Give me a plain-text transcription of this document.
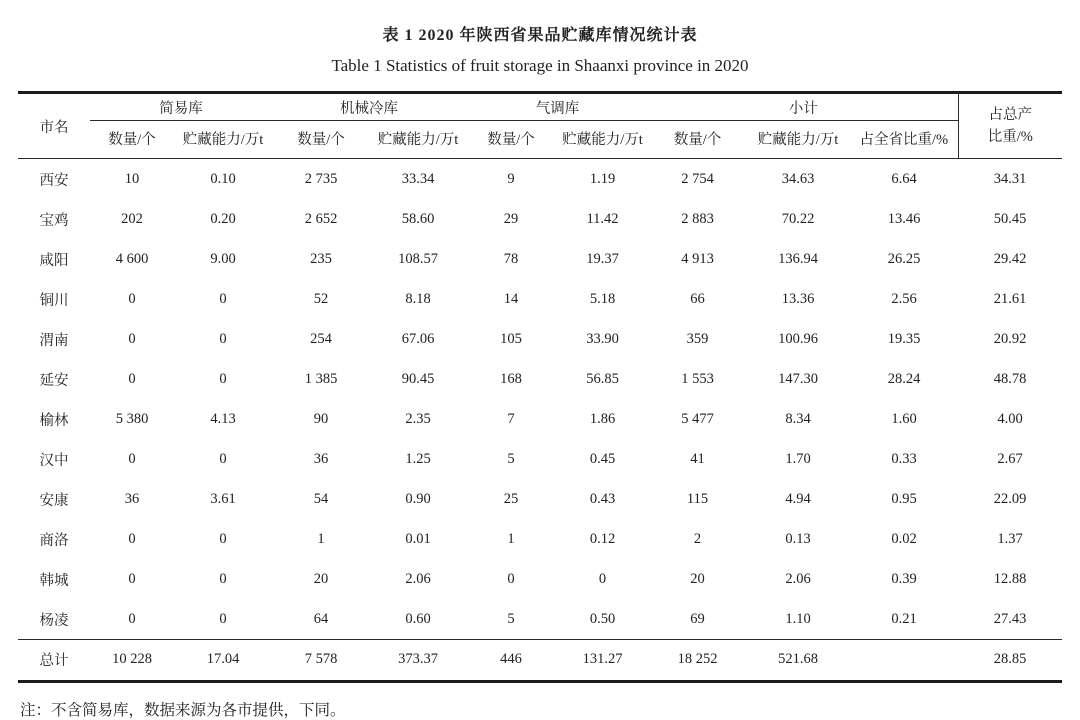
表 1 2020 年陕西省果品贮藏库情况统计表
Table 1 Statistics of fruit storage in Shaanxi province in 2020
市名	简易库		机械冷库		气调库		小计			占总产
比重/%
	数量/个	贮藏能力/万t	数量/个	贮藏能力/万t	数量/个	贮藏能力/万t	数量/个	贮藏能力/万t	占全省比重/%	
西安	10	0.10	2 735	33.34	9	1.19	2 754	34.63	6.64	34.31
宝鸡	202	0.20	2 652	58.60	29	11.42	2 883	70.22	13.46	50.45
咸阳	4 600	9.00	235	108.57	78	19.37	4 913	136.94	26.25	29.42
铜川	0	0	52	8.18	14	5.18	66	13.36	2.56	21.61
渭南	0	0	254	67.06	105	33.90	359	100.96	19.35	20.92
延安	0	0	1 385	90.45	168	56.85	1 553	147.30	28.24	48.78
榆林	5 380	4.13	90	2.35	7	1.86	5 477	8.34	1.60	4.00
汉中	0	0	36	1.25	5	0.45	41	1.70	0.33	2.67
安康	36	3.61	54	0.90	25	0.43	115	4.94	0.95	22.09
商洛	0	0	1	0.01	1	0.12	2	0.13	0.02	1.37
韩城	0	0	20	2.06	0	0	20	2.06	0.39	12.88
杨凌	0	0	64	0.60	5	0.50	69	1.10	0.21	27.43
总计	10 228	17.04	7 578	373.37	446	131.27	18 252	521.68		28.85
注：不含简易库，数据来源为各市提供，下同。
